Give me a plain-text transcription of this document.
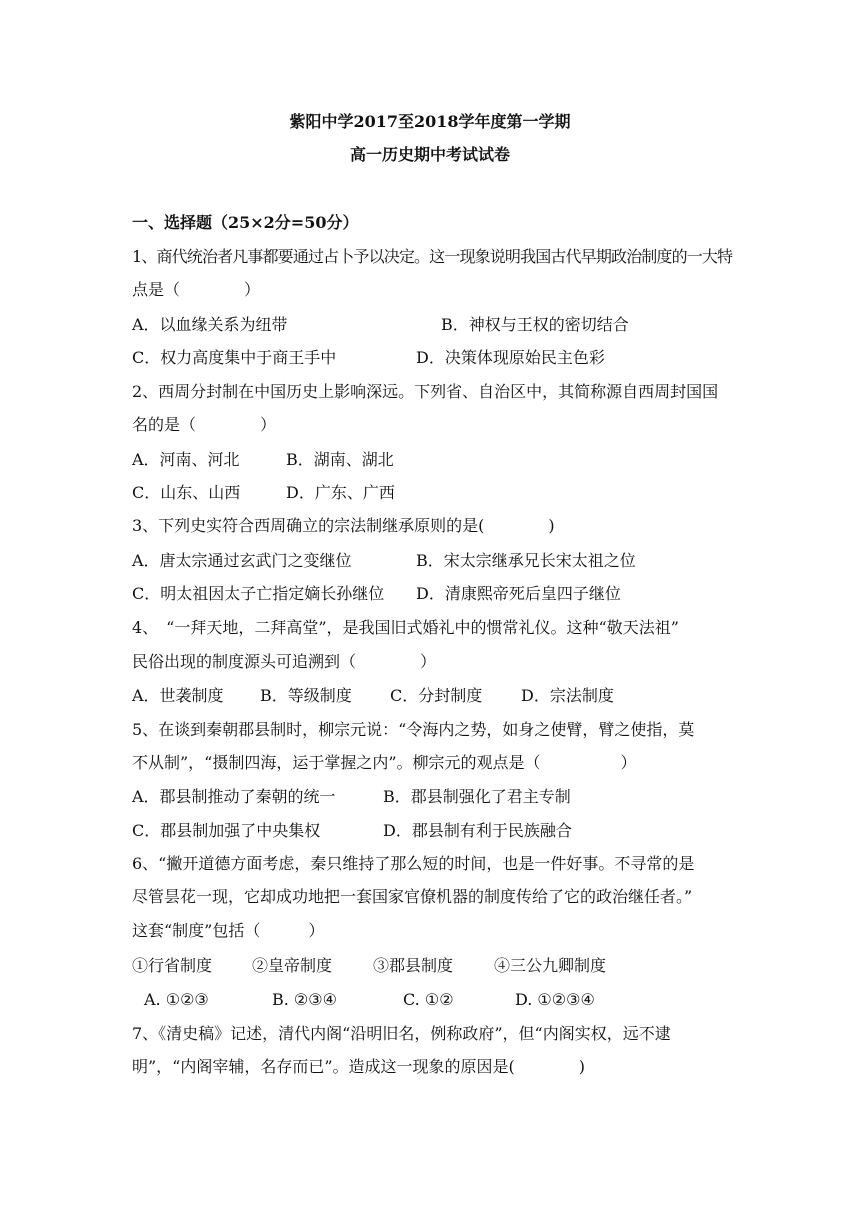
紫阳中学2017至2018学年度第一学期
高一历史期中考试试卷
一、选择题（25×2分=50分）
1、商代统治者凡事都要通过占卜予以决定。这一现象说明我国古代早期政治制度的一大特
点是（　　　　）
A．以血缘关系为纽带	B．神权与王权的密切结合
C．权力高度集中于商王手中	D．决策体现原始民主色彩
2、西周分封制在中国历史上影响深远。下列省、自治区中，其简称源自西周封国国
名的是（　　　　）
A．河南、河北	B．湖南、湖北
C．山东、山西	D．广东、广西
3、下列史实符合西周确立的宗法制继承原则的是(　　　　)
A．唐太宗通过玄武门之变继位	B．宋太宗继承兄长宋太祖之位
C．明太祖因太子亡指定嫡长孙继位 D．清康熙帝死后皇四子继位
4、　“一拜天地，二拜高堂”，是我国旧式婚礼中的惯常礼仪。这种“敬天法祖”
民俗出现的制度源头可追溯到（　　　　）
A．世袭制度 B．等级制度 C．分封制度 D．宗法制度
5、在谈到秦朝郡县制时，柳宗元说：“令海内之势，如身之使臂，臂之使指，莫
不从制”，“摄制四海，运于掌握之内”。柳宗元的观点是（　　　　　）
A．郡县制推动了秦朝的统一	B．郡县制强化了君主专制
C．郡县制加强了中央集权	D．郡县制有利于民族融合
6、“撇开道德方面考虑，秦只维持了那么短的时间，也是一件好事。不寻常的是
尽管昙花一现，它却成功地把一套国家官僚机器的制度传给了它的政治继任者。”
这套“制度”包括（　　　）
①行省制度 ②皇帝制度	③郡县制度	④三公九卿制度
A. ①②③	B. ②③④	C. ①②	D. ①②③④
7、《清史稿》记述，清代内阁“沿明旧名，例称政府”，但“内阁实权，远不逮
明”，“内阁宰辅，名存而已”。造成这一现象的原因是(　　　　)
